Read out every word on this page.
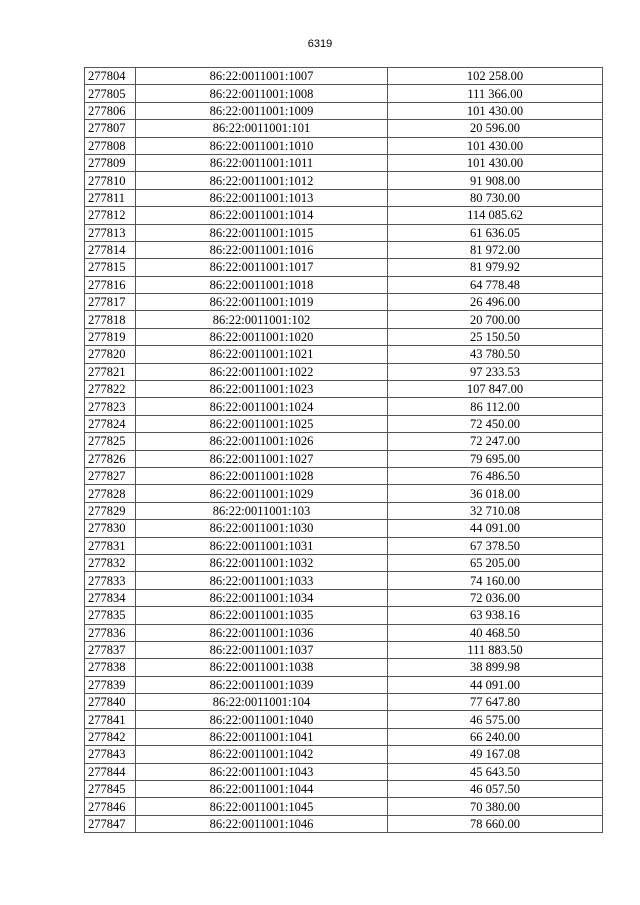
6319
277804	86:22:0011001:1007	102 258.00
277805	86:22:0011001:1008	111 366.00
277806	86:22:0011001:1009	101 430.00
277807	86:22:0011001:101	20 596.00
277808	86:22:0011001:1010	101 430.00
277809	86:22:0011001:1011	101 430.00
277810	86:22:0011001:1012	91 908.00
277811	86:22:0011001:1013	80 730.00
277812	86:22:0011001:1014	114 085.62
277813	86:22:0011001:1015	61 636.05
277814	86:22:0011001:1016	81 972.00
277815	86:22:0011001:1017	81 979.92
277816	86:22:0011001:1018	64 778.48
277817	86:22:0011001:1019	26 496.00
277818	86:22:0011001:102	20 700.00
277819	86:22:0011001:1020	25 150.50
277820	86:22:0011001:1021	43 780.50
277821	86:22:0011001:1022	97 233.53
277822	86:22:0011001:1023	107 847.00
277823	86:22:0011001:1024	86 112.00
277824	86:22:0011001:1025	72 450.00
277825	86:22:0011001:1026	72 247.00
277826	86:22:0011001:1027	79 695.00
277827	86:22:0011001:1028	76 486.50
277828	86:22:0011001:1029	36 018.00
277829	86:22:0011001:103	32 710.08
277830	86:22:0011001:1030	44 091.00
277831	86:22:0011001:1031	67 378.50
277832	86:22:0011001:1032	65 205.00
277833	86:22:0011001:1033	74 160.00
277834	86:22:0011001:1034	72 036.00
277835	86:22:0011001:1035	63 938.16
277836	86:22:0011001:1036	40 468.50
277837	86:22:0011001:1037	111 883.50
277838	86:22:0011001:1038	38 899.98
277839	86:22:0011001:1039	44 091.00
277840	86:22:0011001:104	77 647.80
277841	86:22:0011001:1040	46 575.00
277842	86:22:0011001:1041	66 240.00
277843	86:22:0011001:1042	49 167.08
277844	86:22:0011001:1043	45 643.50
277845	86:22:0011001:1044	46 057.50
277846	86:22:0011001:1045	70 380.00
277847	86:22:0011001:1046	78 660.00
